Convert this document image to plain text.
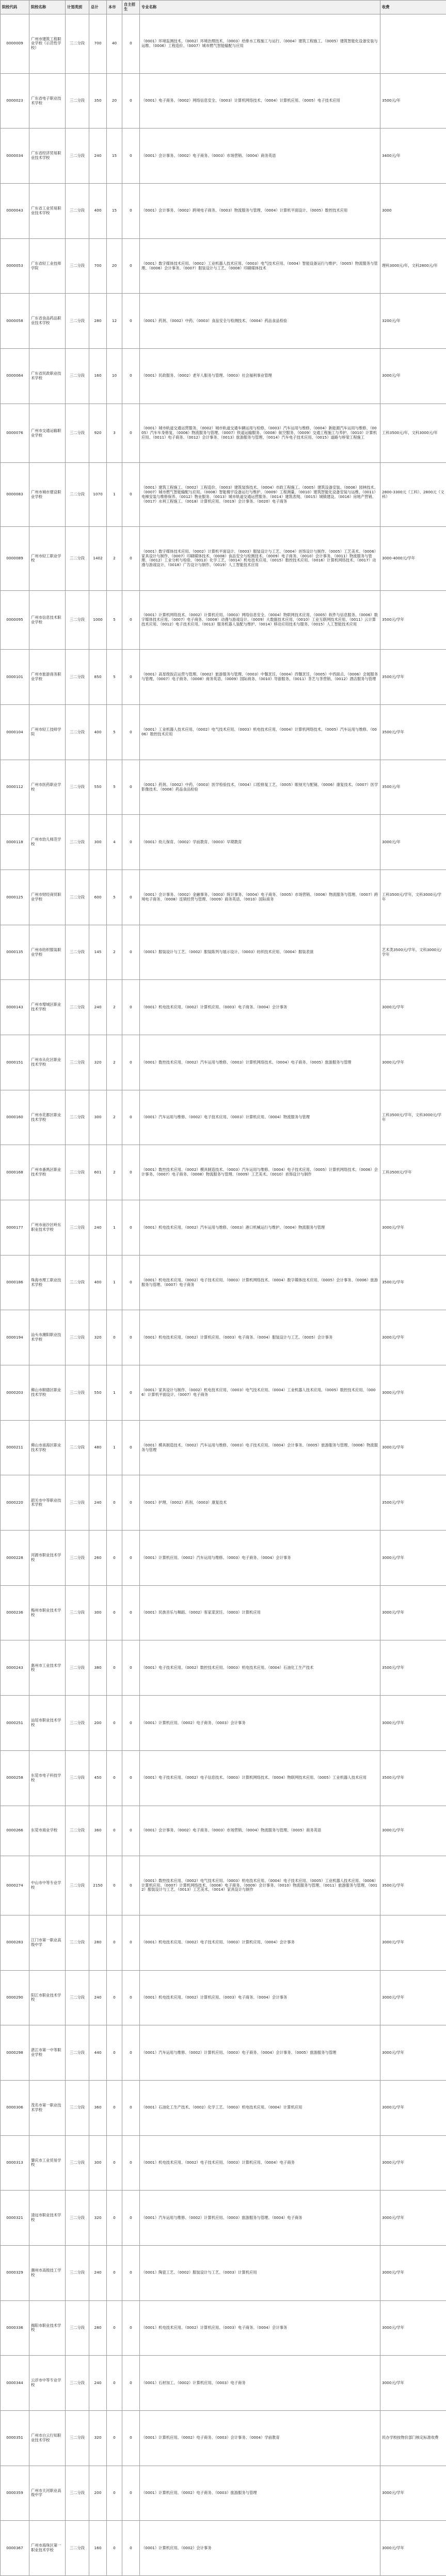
院校代码	院校名称	计划类别	总计	本市	自主招生	专业名称	收费
0000009	广州市建筑工程职业学校（示范性学校）	三二分段	700	40	0	（0001）环境监测技术、（0002）环境治理技术、（0003）给排水工程施工与运行、（0004）建筑工程施工、（0005）建筑智能化设备安装与运维、（0006）工程造价、（0007）城市燃气智能输配与应用	
0000023	广东省电子职业技术学校	三二分段	350	20	0	（0001）电子商务、（0002）网络信息安全、（0003）计算机网络技术、（0004）计算机应用、（0005）电子技术应用	3500元/年
0000034	广东省经济贸易职业技术学校	三二分段	240	15	0	（0001）会计事务、（0002）电子商务、（0003）市场营销、（0004）商务英语	3400元/年
0000043	广东省工业贸易职业技术学校	三二分段	400	15	0	（0001）会计事务、（0002）跨境电子商务、（0003）物流服务与管理、（0004）计算机平面设计、（0005）数控技术应用	3000
0000053	广东省轻工业技师学院	三二分段	700	20	0	（0001）数字媒体技术应用、（0002）工业机器人技术应用、（0003）电气技术应用、（0004）智能设备运行与维护、（0005）物流服务与管理、（0006）会计事务、（0007）服装设计与工艺、（0008）印刷媒体技术	理科3000元/年，文科2800元/年
0000058	广东省食品药品职业技术学校	三二分段	280	12	0	（0001）药剂、（0002）中药、（0003）食品安全与检测技术、（0004）药品食品检验	3200元/年
0000064	广东省民政职业技术学校	三二分段	160	10	0	（0001）民政服务、（0002）老年人服务与管理、（0003）社会福利事业管理	3000元/年
0000076	广州市交通运输职业学校	三二分段	920	3	0	（0001）城市轨道交通运营服务、（0002）城市轨道交通车辆运用与检修、（0003）汽车运用与维修、（0004）新能源汽车运用与维修、（0005）汽车车身修复、（0006）物流服务与管理、（0007）铁道运输服务、（0008）航空服务、（0009）交通工程施工与养护、（0010）计算机应用、（0011）电子商务、（0012）会计事务、（0013）旅游服务与管理、（0014）汽车电子技术应用、（0015）道路与桥梁工程施工	工科3500元/年，文科3000元/年
0000083	广州市城市建设职业学校	三二分段	1070	1	0	（0001）建筑工程施工、（0002）工程造价、（0003）建筑装饰技术、（0004）市政工程施工、（0005）建筑设备安装、（0006）园林技术、（0007）城市燃气智能输配与应用、（0008）智能楼宇设备运行与维护、（0009）工程测量、（0010）建筑智能化设备安装与运维、（0011）电梯安装与维修保养、（0012）物业服务、（0013）城市轨道交通运营服务、（0014）建筑表现、（0015）城镇建设、（0016）房地产营销、（0017）水利工程施工、（0018）计算机应用、（0019）会计事务、（0020）电子商务	2800-3300元（工科）、2800元（文科）
0000089	广州市轻工职业学校	三二分段	1402	2	0	（0001）数字媒体技术应用、（0002）计算机平面设计、（0003）服装设计与工艺、（0004）首饰设计与制作、（0005）工艺美术、（0006）家具设计与制作、（0007）印刷媒体技术、（0008）食品安全与检测技术、（0009）电子商务、（0010）会计事务、（0011）物流服务与管理、（0012）工业分析与检验、（0013）化学工艺、（0014）机电技术应用、（0015）数控技术应用、（0016）计算机网络技术、（0017）动漫与游戏设计、（0018）广告设计与制作、（0019）人工智能技术应用	3000-4000元/学年
0000095	广州市信息技术职业学校	三二分段	1000	5	0	（0001）计算机网络技术、（0002）计算机应用、（0003）网络信息安全、（0004）物联网技术应用、（0005）软件与信息服务、（0006）数字媒体技术应用、（0007）电子商务、（0008）动漫与游戏设计、（0009）大数据技术应用、（0010）工业互联网技术应用、（0011）云计算技术应用、（0012）电子技术应用、（0013）服务机器人装配与维护、（0014）移动应用技术与服务、（0015）人工智能技术应用	3500元/学年
0000101	广州市旅游商务职业学校	三二分段	850	5	0	（0001）高星级饭店运营与管理、（0002）旅游服务与管理、（0003）中餐烹饪、（0004）西餐烹饪、（0005）中西面点、（0006）会展服务与管理、（0007）电子商务、（0008）商务英语、（0009）国际商务、（0010）导游服务、（0011）茶艺与茶营销、（0012）酒店服务与管理	3500元/学年
0000104	广州市轻工技师学院	三二分段	400	5	0	（0001）工业机器人技术应用、（0002）电气技术应用、（0003）机电技术应用、（0004）计算机网络技术、（0005）汽车运用与维修、（0006）数控技术应用	3500元/学年
0000112	广州市医药职业学校	三二分段	550	5	0	（0001）药剂、（0002）中药、（0003）医学检验技术、（0004）口腔修复工艺、（0005）眼视光与配镜、（0006）康复技术、（0007）医学影像技术、（0008）药品食品检验	3500元/年
0000118	广州市幼儿师范学校	三二分段	300	4	0	（0001）幼儿保育、（0002）学前教育、（0003）早期教育	3000元/年
0000125	广州市财经商贸职业学校	三二分段	600	5	0	（0001）会计事务、（0002）金融事务、（0003）统计事务、（0004）电子商务、（0005）市场营销、（0006）物流服务与管理、（0007）跨境电子商务、（0008）连锁经营与管理、（0009）商务英语、（0010）国际商务	工科3500元/学年，文科3000元/学年
0000135	广州市纺织服装职业学校	三二分段	145	2	0	（0001）服装设计与工艺、（0002）服装陈列与展示设计、（0003）纺织技术应用、（0004）服装表演	艺术类3500元/学年，文科3000元/学年
0000143	广州市增城区职业技术学校	三二分段	240	2	0	（0001）机电技术应用、（0002）计算机应用、（0003）电子商务、（0004）会计事务	3000元/学年
0000151	广州市从化区职业技术学校	三二分段	320	2	0	（0001）数控技术应用、（0002）汽车运用与维修、（0003）计算机网络技术、（0004）电子商务、（0005）旅游服务与管理	3000元/学年
0000160	广州市花都区职业技术学校	三二分段	300	2	0	（0001）汽车运用与维修、（0002）电子技术应用、（0003）计算机应用、（0004）物流服务与管理	工科3500元/学年，文科3000元/学年
0000168	广州市番禺区职业技术学校	三二分段	601	2	0	（0001）数控技术应用、（0002）模具制造技术、（0003）汽车运用与维修、（0004）电子技术应用、（0005）计算机网络技术、（0006）会计事务、（0007）电子商务、（0008）物流服务与管理、（0009）工艺美术、（0010）首饰设计与制作	工科3500元/学年
0000177	广州市南沙区岭东职业技术学校	三二分段	240	1	0	（0001）机电技术应用、（0002）汽车运用与维修、（0003）港口机械运行与维护、（0004）物流服务与管理	3000元/学年
0000186	珠海市理工职业技术学校	三二分段	400	1	0	（0001）机电技术应用、（0002）电子技术应用、（0003）计算机网络技术、（0004）数字媒体技术应用、（0005）会计事务、（0006）旅游服务与管理、（0007）电子商务	3500元/学年
0000194	汕头市潮阳职业技术学校	三二分段	320	0	0	（0001）机电技术应用、（0002）计算机应用、（0003）电子商务、（0004）服装设计与工艺、（0005）会计事务	3000元/学年
0000203	佛山市顺德区职业技术学校	三二分段	550	1	0	（0001）家具设计与制作、（0002）机电技术应用、（0003）电气技术应用、（0004）工业机器人技术应用、（0005）数控技术应用、（0006）计算机平面设计、（0007）电子商务	3000元/学年
0000211	佛山市南海区职业技术学校	三二分段	480	1	0	（0001）模具制造技术、（0002）汽车运用与维修、（0003）电子技术应用、（0004）会计事务、（0005）旅游服务与管理、（0006）物流服务与管理	3000元/学年
0000220	韶关市中等职业技术学校	三二分段	240	0	0	（0001）护理、（0002）药剂、（0003）康复技术	3500元/学年
0000228	河源市职业技术学校	三二分段	260	0	0	（0001）计算机应用、（0002）汽车运用与维修、（0003）电子商务、（0004）会计事务	3000元/学年
0000236	梅州市职业技术学校	三二分段	300	0	0	（0001）民族音乐与舞蹈、（0002）客家菜烹饪、（0003）计算机应用	3000元/学年
0000243	惠州市工业技术学校	三二分段	380	0	0	（0001）电子技术应用、（0002）数控技术应用、（0003）机电技术应用、（0004）石油化工生产技术	3500元/学年
0000251	汕尾市职业技术学校	三二分段	200	0	0	（0001）计算机应用、（0002）电子商务、（0003）会计事务	3000元/学年
0000258	东莞市电子科技学校	三二分段	450	0	0	（0001）电子技术应用、（0002）电子信息技术、（0003）计算机网络技术、（0004）物联网技术应用、（0005）工业机器人技术应用	3500元/学年
0000266	东莞市商业学校	三二分段	360	0	0	（0001）会计事务、（0002）电子商务、（0003）市场营销、（0004）物流服务与管理、（0005）商务英语	3000元/学年
0000274	中山市中等专业学校	三二分段	2150	0	0	（0001）数控技术应用、（0002）电气技术应用、（0003）机电技术应用、（0004）电子技术应用、（0005）工业机器人技术应用、（0006）计算机应用、（0007）计算机网络技术、（0008）电子商务、（0009）会计事务、（0010）物流服务与管理、（0011）旅游服务与管理、（0012）服装设计与工艺、（0013）工艺美术、（0014）家具设计与制作	3500元/学年
0000283	江门市第一职业高级中学	三二分段	280	0	0	（0001）机电技术应用、（0002）电子技术应用、（0003）计算机应用、（0004）会计事务	3000元/学年
0000290	阳江市职业技术学校	三二分段	240	0	0	（0001）机电技术应用、（0002）计算机应用、（0003）电子商务、（0004）会计事务	3000元/学年
0000298	湛江市第一中等职业学校	三二分段	440	0	0	（0001）汽车运用与维修、（0002）计算机应用、（0003）电子商务、（0004）会计事务、（0005）旅游服务与管理	3000元/学年
0000306	茂名市第一职业技术学校	三二分段	360	0	0	（0001）石油化工生产技术、（0002）化学工艺、（0003）机电技术应用、（0004）计算机应用	3000元/学年
0000313	肇庆市工业贸易学校	三二分段	300	0	0	（0001）机电技术应用、（0002）电子技术应用、（0003）计算机应用、（0004）电子商务	3000元/学年
0000321	清远市职业技术学校	三二分段	320	0	0	（0001）汽车运用与维修、（0002）计算机应用、（0003）旅游服务与管理、（0004）电子商务	3000元/学年
0000329	潮州市高级技工学校	三二分段	240	0	0	（0001）陶瓷工艺、（0002）服装设计与工艺、（0003）计算机应用	3000元/学年
0000336	揭阳市职业技术学校	三二分段	280	0	0	（0001）机电技术应用、（0002）计算机应用、（0003）电子商务、（0004）会计事务	3000元/学年
0000344	云浮市中等专业学校	三二分段	240	0	0	（0001）石材加工、（0002）计算机应用、（0003）电子商务	3000元/学年
0000351	广州市白云行知职业技术学校	三二分段	320	0	0	（0001）计算机应用、（0002）电子商务、（0003）会计事务、（0004）学前教育	民办学校按物价部门核定标准收费
0000359	广州市天河职业高级中学	三二分段	200	0	0	（0001）计算机应用、（0002）电子商务、（0003）旅游服务与管理	3000元/学年
0000367	广州市海珠区第一职业技术学校	三二分段	160	0	0	（0001）计算机应用、（0002）会计事务	3000元/学年
